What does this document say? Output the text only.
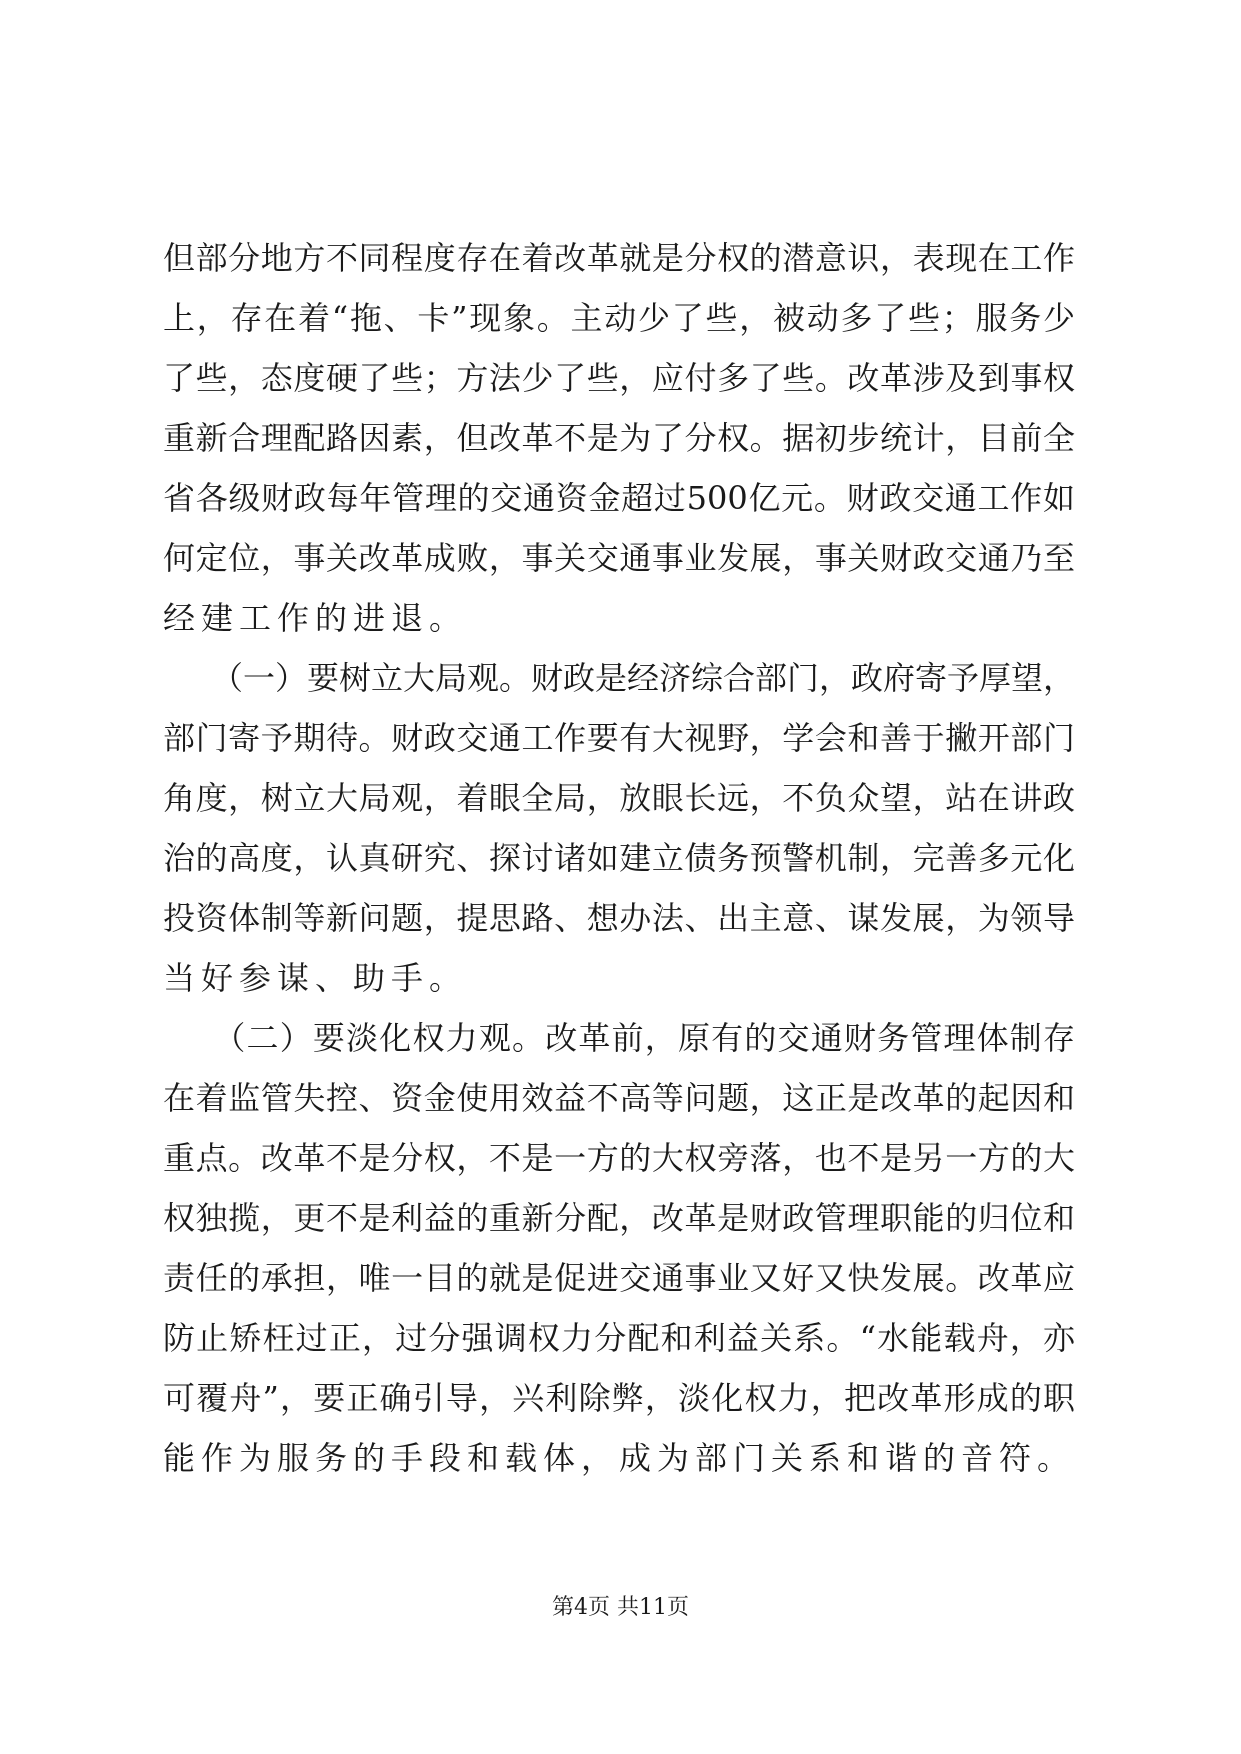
但部分地方不同程度存在着改革就是分权的潜意识，表现在工作
上，存在着“拖、卡”现象。主动少了些，被动多了些；服务少
了些，态度硬了些；方法少了些，应付多了些。改革涉及到事权
重新合理配路因素，但改革不是为了分权。据初步统计，目前全
省各级财政每年管理的交通资金超过500亿元。财政交通工作如
何定位，事关改革成败，事关交通事业发展，事关财政交通乃至
经建工作的进退。
　　（一）要树立大局观。财政是经济综合部门，政府寄予厚望，
部门寄予期待。财政交通工作要有大视野，学会和善于撇开部门
角度，树立大局观，着眼全局，放眼长远，不负众望，站在讲政
治的高度，认真研究、探讨诸如建立债务预警机制，完善多元化
投资体制等新问题，提思路、想办法、出主意、谋发展，为领导
当好参谋、助手。
　　（二）要淡化权力观。改革前，原有的交通财务管理体制存
在着监管失控、资金使用效益不高等问题，这正是改革的起因和
重点。改革不是分权，不是一方的大权旁落，也不是另一方的大
权独揽，更不是利益的重新分配，改革是财政管理职能的归位和
责任的承担，唯一目的就是促进交通事业又好又快发展。改革应
防止矫枉过正，过分强调权力分配和利益关系。“水能载舟，亦
可覆舟”，要正确引导，兴利除弊，淡化权力，把改革形成的职
能作为服务的手段和载体，成为部门关系和谐的音符。
第4页 共11页
